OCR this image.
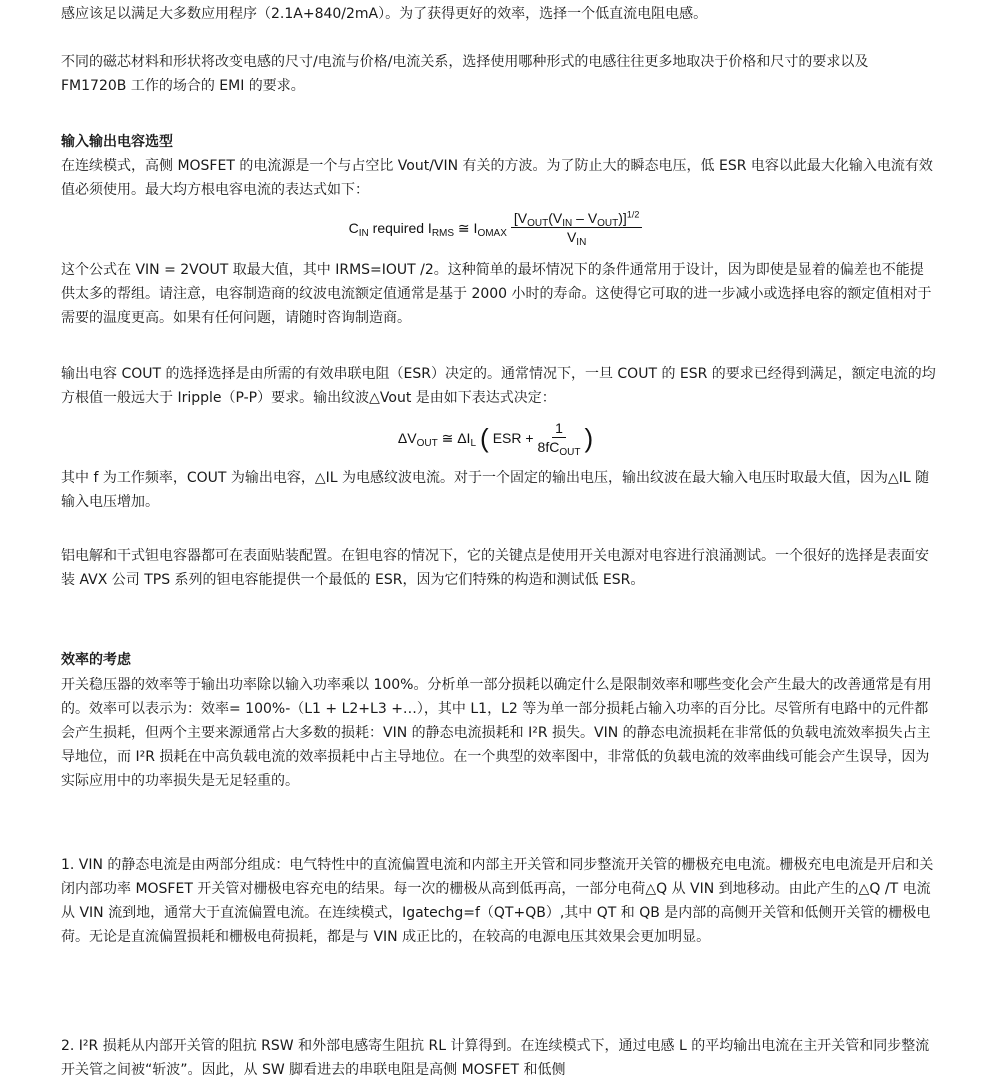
感应该足以满足大多数应用程序（2.1A+840/2mA）。为了获得更好的效率，选择一个低直流电阻电感。

不同的磁芯材料和形状将改变电感的尺寸/电流与价格/电流关系，选择使用哪种形式的电感往往更多地取决于价格和尺寸的要求以及 FM1720B 工作的场合的 EMI 的要求。

输入输出电容选型

在连续模式，高侧 MOSFET 的电流源是一个与占空比 Vout/VIN 有关的方波。为了防止大的瞬态电压，低 ESR 电容以此最大化输入电流有效值必须使用。最大均方根电容电流的表达式如下：

$C_{IN}$ required $I_{RMS}$ ≅ $I_{OMAX} \frac{[V_{OUT}(V_{IN} - V_{OUT})]^{1/2}}{V_{IN}}$

这个公式在 VIN = 2VOUT 取最大值，其中 IRMS=IOUT /2。这种简单的最坏情况下的条件通常用于设计，因为即使是显着的偏差也不能提供太多的帮组。请注意，电容制造商的纹波电流额定值通常是基于 2000 小时的寿命。这使得它可取的进一步减小或选择电容的额定值相对于需要的温度更高。如果有任何问题，请随时咨询制造商。

输出电容 COUT 的选择选择是由所需的有效串联电阻（ESR）决定的。通常情况下，一旦 COUT 的 ESR 的要求已经得到满足，额定电流的均方根值一般远大于 Iripple（P-P）要求。输出纹波△Vout 是由如下表达式决定：

$\Delta V_{OUT}$ ≅ $\Delta I_L$ ( ESR + $\frac{1}{8fC_{OUT}}$ )

其中 f 为工作频率，COUT 为输出电容，△IL 为电感纹波电流。对于一个固定的输出电压，输出纹波在最大输入电压时取最大值，因为△IL 随输入电压增加。

铝电解和干式钽电容器都可在表面贴装配置。在钽电容的情况下，它的关键点是使用开关电源对电容进行浪涌测试。一个很好的选择是表面安装 AVX 公司 TPS 系列的钽电容能提供一个最低的 ESR，因为它们特殊的构造和测试低 ESR。

效率的考虑

开关稳压器的效率等于输出功率除以输入功率乘以 100%。分析单一部分损耗以确定什么是限制效率和哪些变化会产生最大的改善通常是有用的。效率可以表示为：效率= 100%-（L1 + L2+L3 +…），其中 L1，L2 等为单一部分损耗占输入功率的百分比。尽管所有电路中的元件都会产生损耗，但两个主要来源通常占大多数的损耗：VIN 的静态电流损耗和 I²R 损失。VIN 的静态电流损耗在非常低的负载电流效率损失占主导地位，而 I²R 损耗在中高负载电流的效率损耗中占主导地位。在一个典型的效率图中，非常低的负载电流的效率曲线可能会产生误导，因为实际应用中的功率损失是无足轻重的。

1. VIN 的静态电流是由两部分组成：电气特性中的直流偏置电流和内部主开关管和同步整流开关管的栅极充电电流。栅极充电电流是开启和关闭内部功率 MOSFET 开关管对栅极电容充电的结果。每一次的栅极从高到低再高，一部分电荷△Q 从 VIN 到地移动。由此产生的△Q /T 电流从 VIN 流到地，通常大于直流偏置电流。在连续模式，Igatechg=f（QT+QB）,其中 QT 和 QB 是内部的高侧开关管和低侧开关管的栅极电荷。无论是直流偏置损耗和栅极电荷损耗，都是与 VIN 成正比的，在较高的电源电压其效果会更加明显。

2. I²R 损耗从内部开关管的阻抗 RSW 和外部电感寄生阻抗 RL 计算得到。在连续模式下，通过电感 L 的平均输出电流在主开关管和同步整流开关管之间被“斩波”。因此，从 SW 脚看进去的串联电阻是高侧 MOSFET 和低侧
